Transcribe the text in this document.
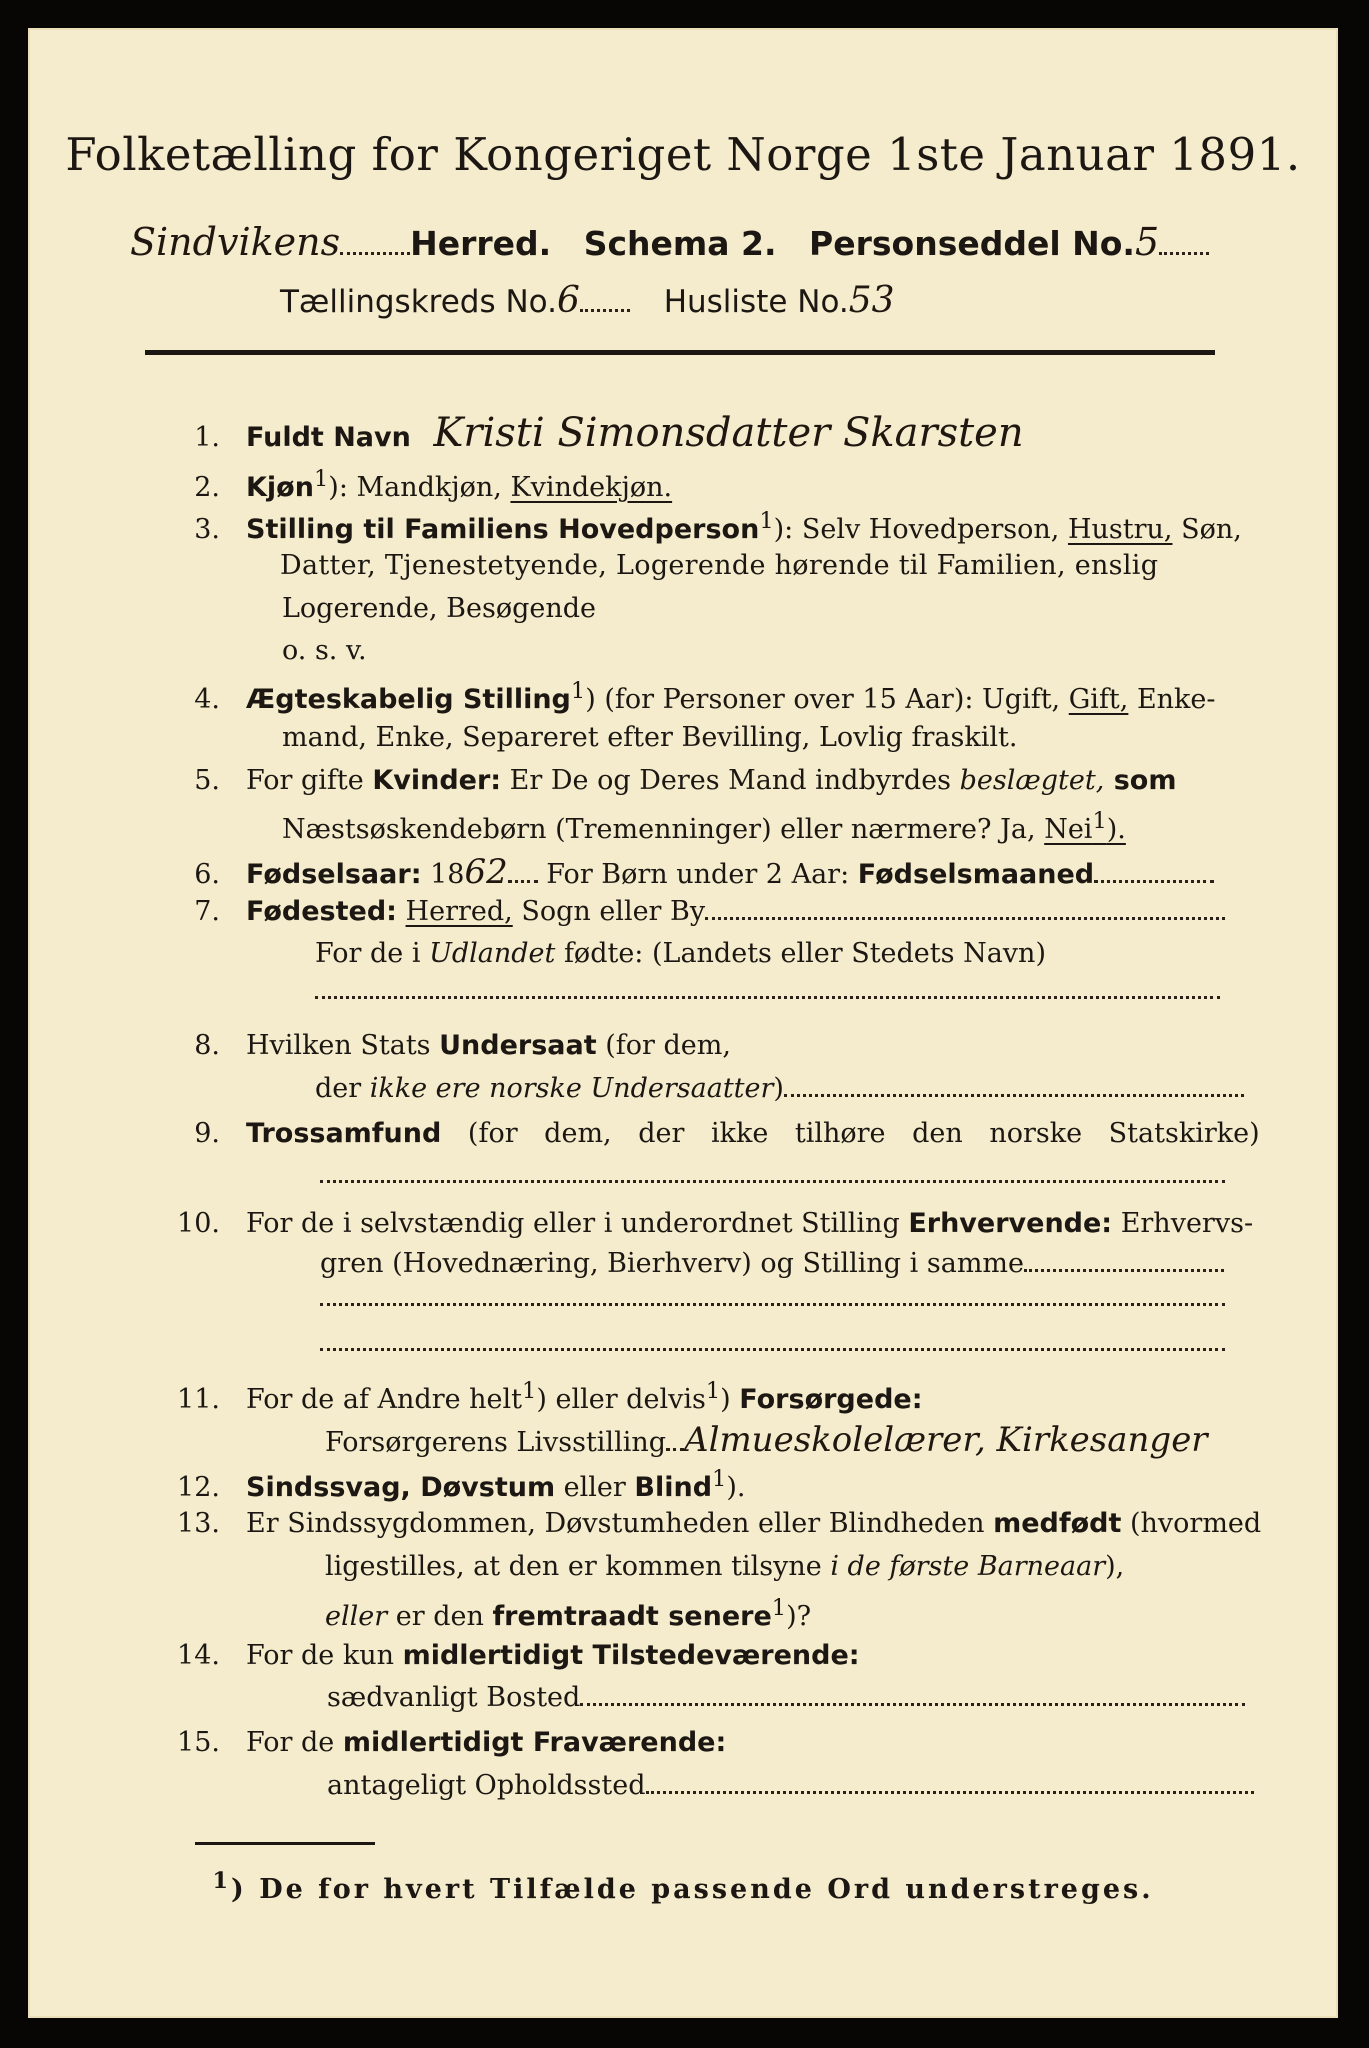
Folketælling for Kongeriget Norge 1ste Januar 1891.
Sindvikens Herred. Schema 2. Personseddel No.5
Tællingskreds No.6	Husliste No.53
1. Fuldt Navn Kristi Simonsdatter Skarsten
2. Kjøn$^1$): Mandkjøn, Kvindekjøn.
3. Stilling til Familiens Hovedperson$^1$): Selv Hovedperson, Hustru, Søn,
Datter, Tjenestetyende, Logerende hørende til Familien, enslig
Logerende, Besøgende
o. s. v.
4. Ægteskabelig Stilling$^1$) (for Personer over 15 Aar): Ugift, Gift, Enke-
mand, Enke, Separeret efter Bevilling, Lovlig fraskilt.
5. For gifte Kvinder: Er De og Deres Mand indbyrdes beslægtet, som
Næstsøskendebørn (Tremenninger) eller nærmere? Ja, Nei$^1$).
6. Fødselsaar: 1862 For Børn under 2 Aar: Fødselsmaaned
7. Fødested: Herred, Sogn eller By
For de i Udlandet fødte: (Landets eller Stedets Navn)
8. Hvilken Stats Undersaat (for dem,
der ikke ere norske Undersaatter)
9. Trossamfund (for dem, der ikke tilhøre den norske Statskirke)
10. For de i selvstændig eller i underordnet Stilling Erhvervende: Erhvervs-
gren (Hovednæring, Bierhverv) og Stilling i samme
11. For de af Andre helt$^1$) eller delvis$^1$) Forsørgede:
Forsørgerens Livsstilling Almueskolelærer, Kirkesanger
12. Sindssvag, Døvstum eller Blind$^1$).
13. Er Sindssygdommen, Døvstumheden eller Blindheden medfødt (hvormed
ligestilles, at den er kommen tilsyne i de første Barneaar),
eller er den fremtraadt senere$^1$)?
14. For de kun midlertidigt Tilstedeværende:
sædvanligt Bosted
15. For de midlertidigt Fraværende:
antageligt Opholdssted
$^1$) De for hvert Tilfælde passende Ord understreges.
